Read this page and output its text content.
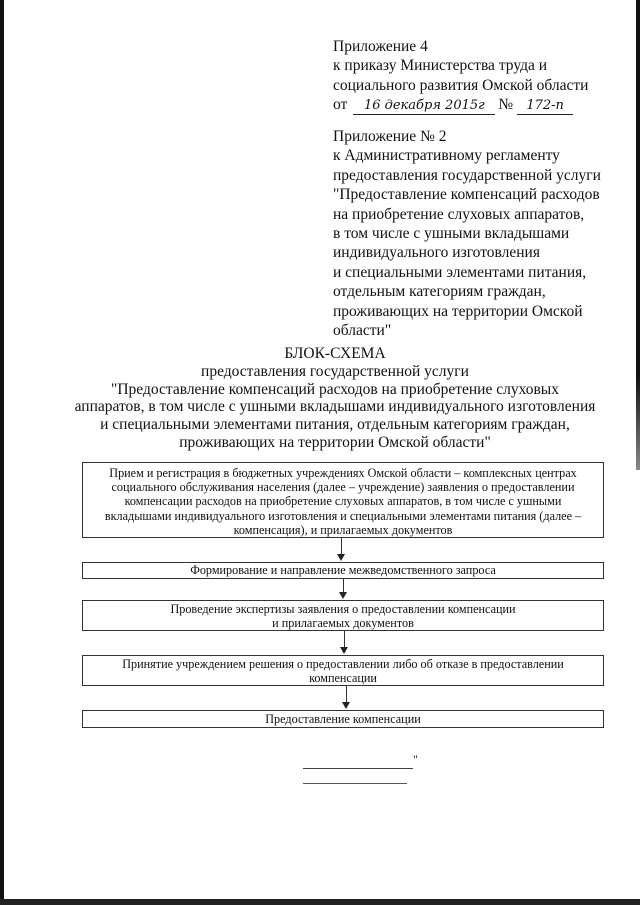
Приложение 4
к приказу Министерства труда и
социального развития Омской области
от 16 декабря 2015г № 172-п
Приложение № 2
к Административному регламенту
предоставления государственной услуги
"Предоставление компенсаций расходов
на приобретение слуховых аппаратов,
в том числе с ушными вкладышами
индивидуального изготовления
и специальными элементами питания,
отдельным категориям граждан,
проживающих на территории Омской
области"
БЛОК-СХЕМА
предоставления государственной услуги
"Предоставление компенсаций расходов на приобретение слуховых
аппаратов, в том числе с ушными вкладышами индивидуального изготовления
и специальными элементами питания, отдельным категориям граждан,
проживающих на территории Омской области"
Прием и регистрация в бюджетных учреждениях Омской области – комплексных центрах
социального обслуживания населения (далее – учреждение) заявления о предоставлении
компенсации расходов на приобретение слуховых аппаратов, в том числе с ушными
вкладышами индивидуального изготовления и специальными элементами питания (далее –
компенсация), и прилагаемых документов
Формирование и направление межведомственного запроса
Проведение экспертизы заявления о предоставлении компенсации
и прилагаемых документов
Принятие учреждением решения о предоставлении либо об отказе в предоставлении
компенсации
Предоставление компенсации
"
